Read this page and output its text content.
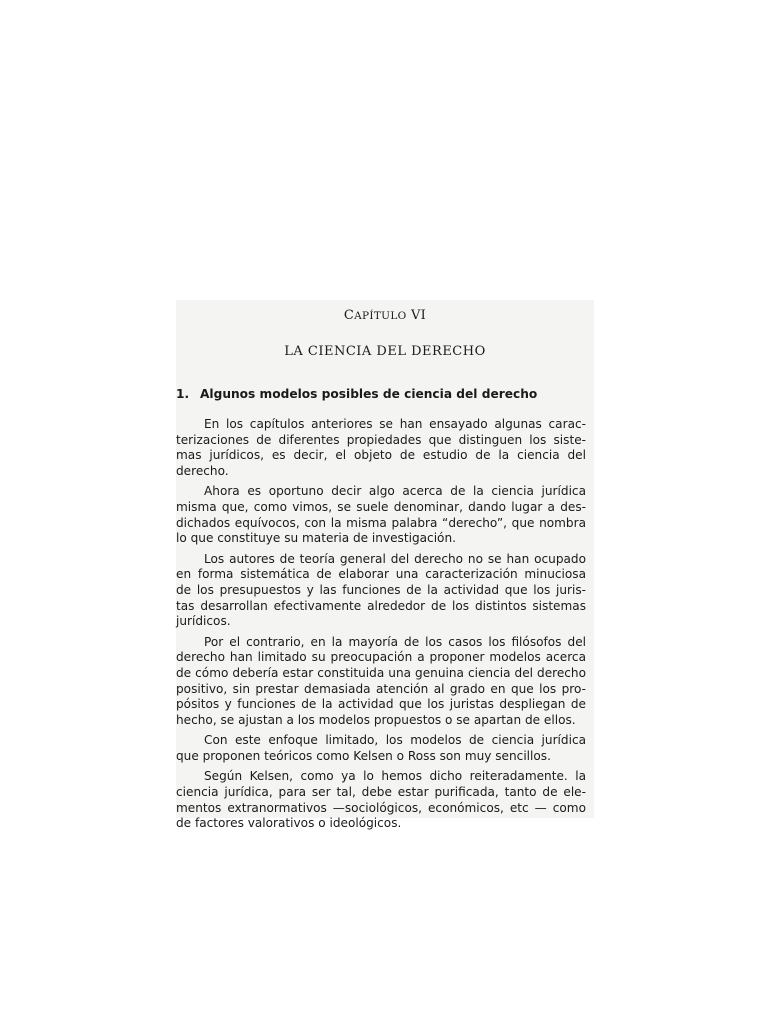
CAPÍTULO VI

LA CIENCIA DEL DERECHO

1. Algunos modelos posibles de ciencia del derecho

En los capítulos anteriores se han ensayado algunas carac-
terizaciones de diferentes propiedades que distinguen los siste-
mas jurídicos, es decir, el objeto de estudio de la ciencia del
derecho.
Ahora es oportuno decir algo acerca de la ciencia jurídica
misma que, como vimos, se suele denominar, dando lugar a des-
dichados equívocos, con la misma palabra “derecho”, que nombra
lo que constituye su materia de investigación.
Los autores de teoría general del derecho no se han ocupado
en forma sistemática de elaborar una caracterización minuciosa
de los presupuestos y las funciones de la actividad que los juris-
tas desarrollan efectivamente alrededor de los distintos sistemas
jurídicos.
Por el contrario, en la mayoría de los casos los filósofos del
derecho han limitado su preocupación a proponer modelos acerca
de cómo debería estar constituida una genuina ciencia del derecho
positivo, sin prestar demasiada atención al grado en que los pro-
pósitos y funciones de la actividad que los juristas despliegan de
hecho, se ajustan a los modelos propuestos o se apartan de ellos.
Con este enfoque limitado, los modelos de ciencia jurídica
que proponen teóricos como Kelsen o Ross son muy sencillos.
Según Kelsen, como ya lo hemos dicho reiteradamente. la
ciencia jurídica, para ser tal, debe estar purificada, tanto de ele-
mentos extranormativos —sociológicos, económicos, etc — como
de factores valorativos o ideológicos.
